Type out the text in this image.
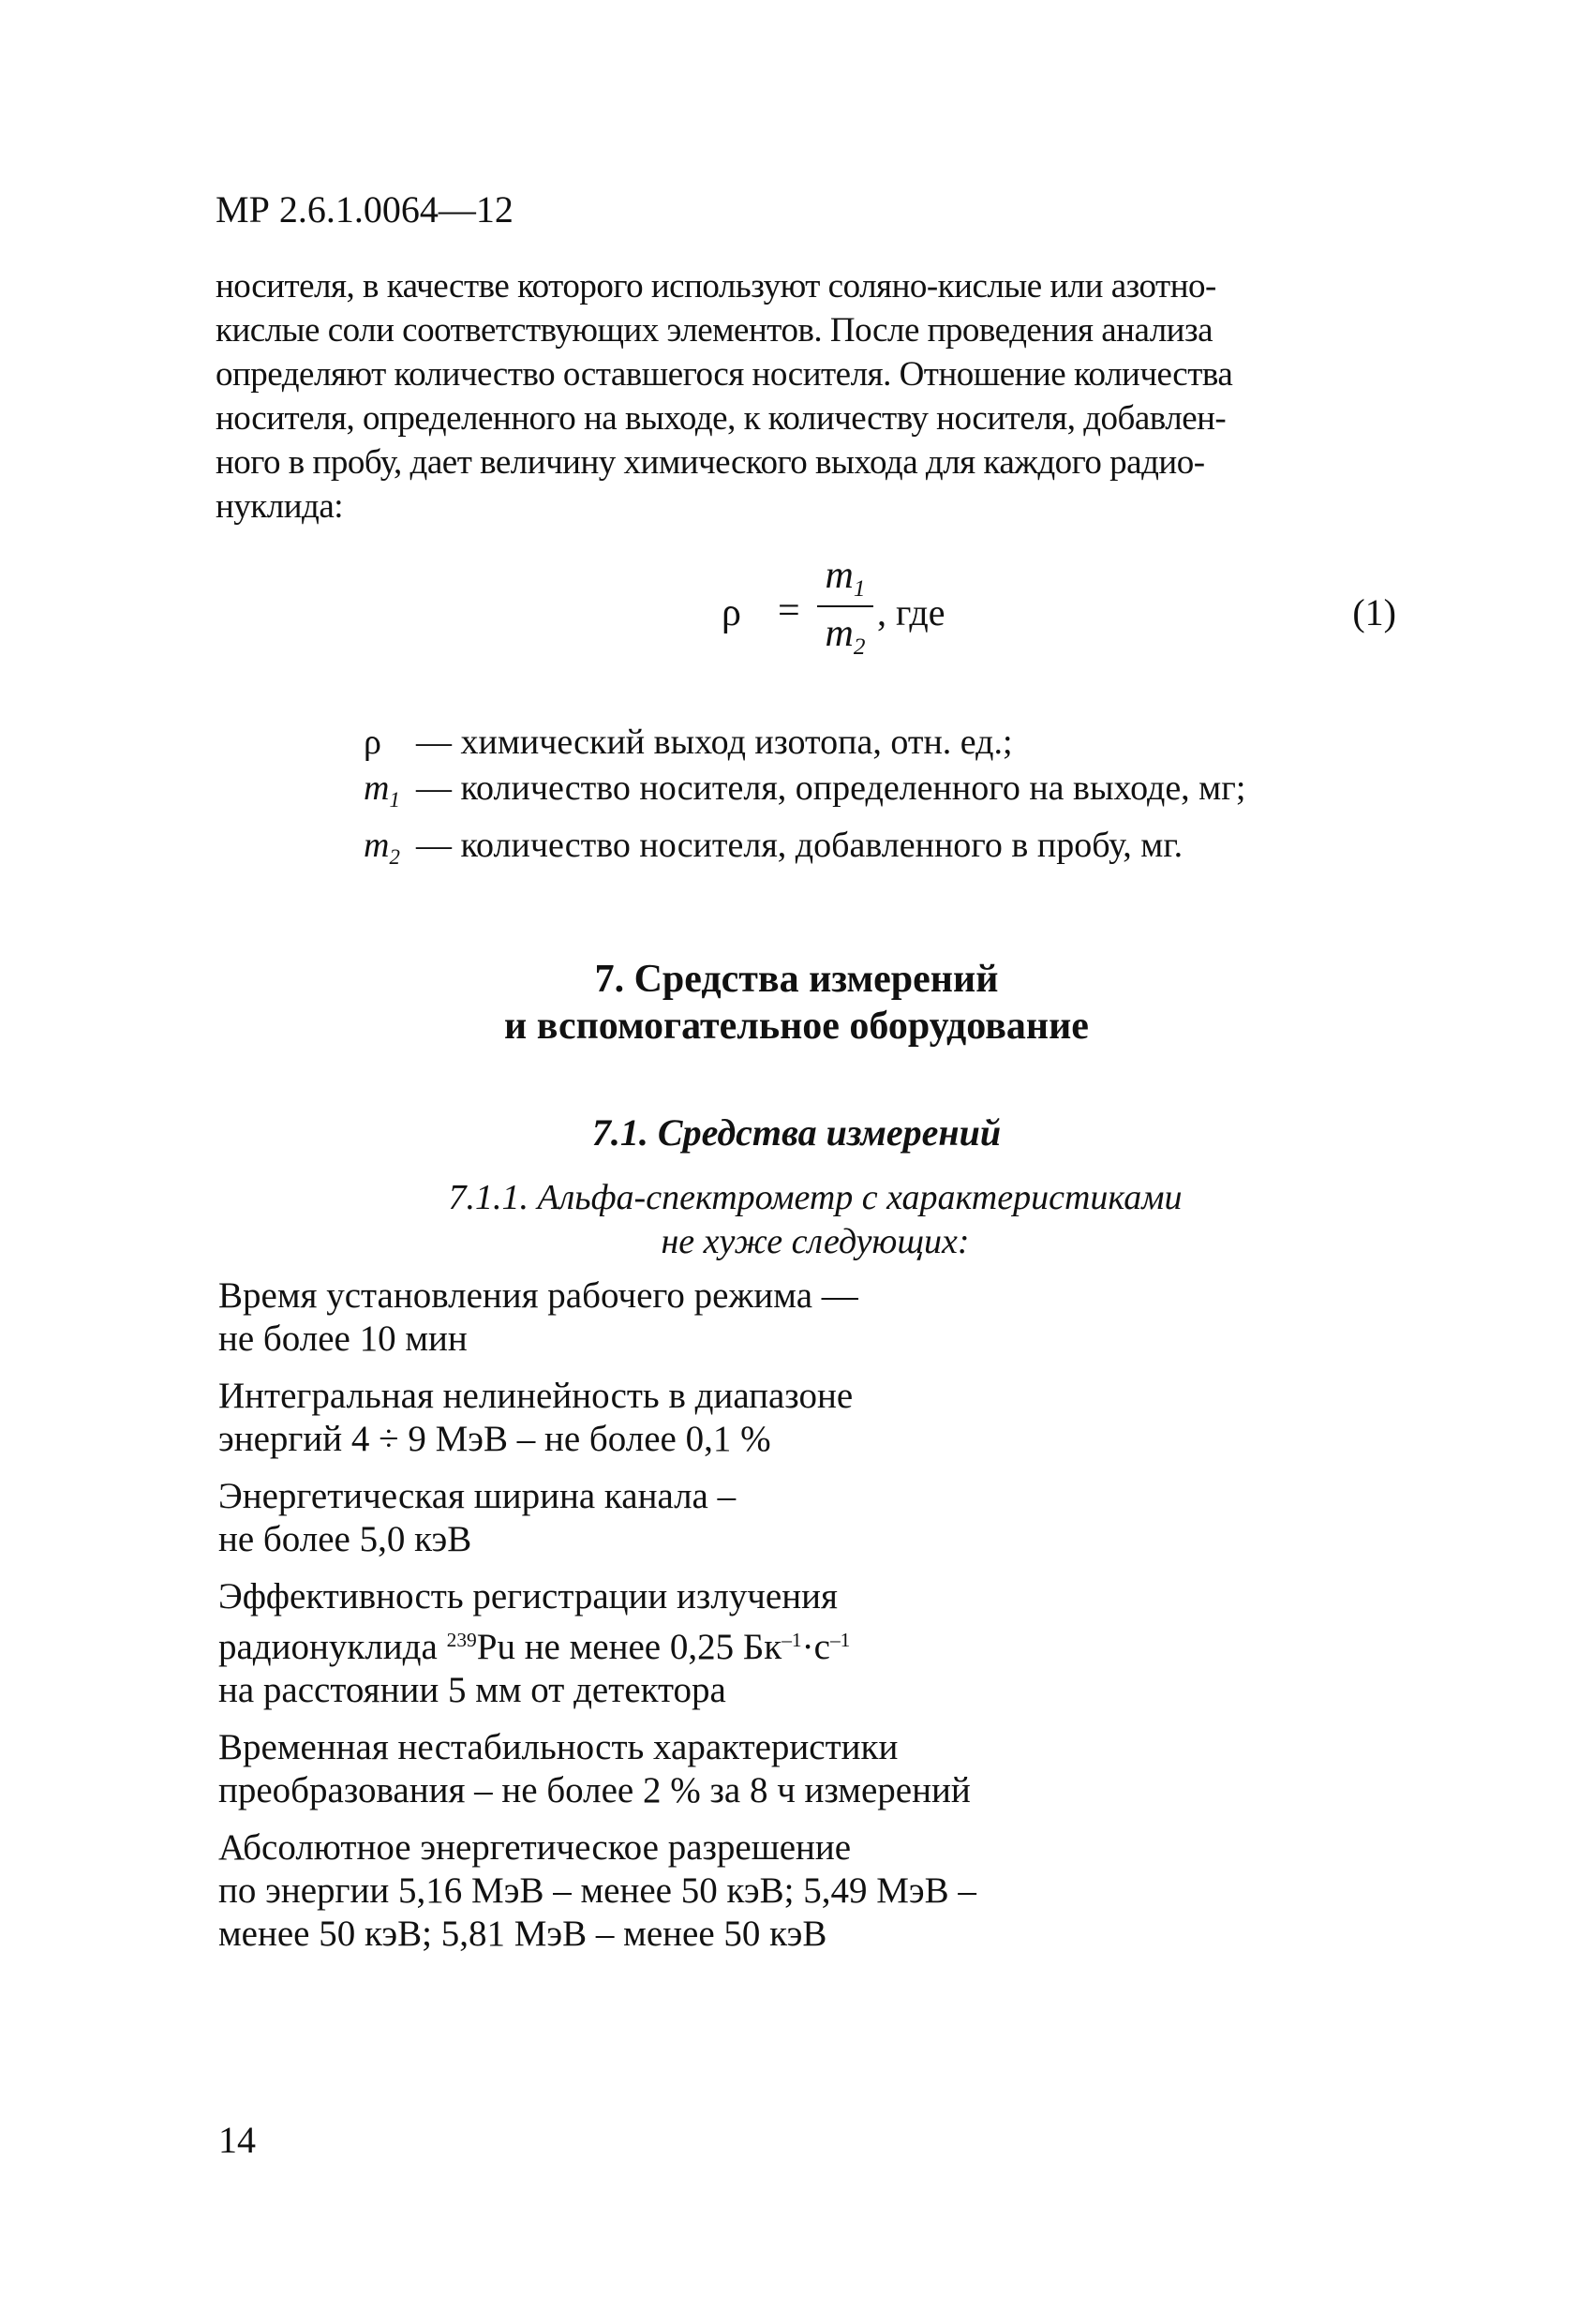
МР 2.6.1.0064—12
носителя, в качестве которого используют соляно-кислые или азотно-
кислые соли соответствующих элементов. После проведения анализа
определяют количество оставшегося носителя. Отношение количества
носителя, определенного на выходе, к количеству носителя, добавлен-
ного в пробу, дает величину химического выхода для каждого радио-
нуклида:
ρ =
$m_1$
$m_2$
, где	(1)
ρ — химический выход изотопа, отн. ед.;
$m_1$ — количество носителя, определенного на выходе, мг;
$m_2$ — количество носителя, добавленного в пробу, мг.
7. Средства измерений
и вспомогательное оборудование
7.1. Средства измерений
7.1.1. Альфа-спектрометр с характеристиками
не хуже следующих:
Время установления рабочего режима —
не более 10 мин
Интегральная нелинейность в диапазоне
энергий 4 ÷ 9 МэВ – не более 0,1 %
Энергетическая ширина канала –
не более 5,0 кэВ
Эффективность регистрации излучения
радионуклида $^{239}$Pu не менее 0,25 $Бк^{-1}\cdot с^{-1}$
на расстоянии 5 мм от детектора
Временная нестабильность характеристики
преобразования – не более 2 % за 8 ч измерений
Абсолютное энергетическое разрешение
по энергии 5,16 МэВ – менее 50 кэВ; 5,49 МэВ –
менее 50 кэВ; 5,81 МэВ – менее 50 кэВ
14
